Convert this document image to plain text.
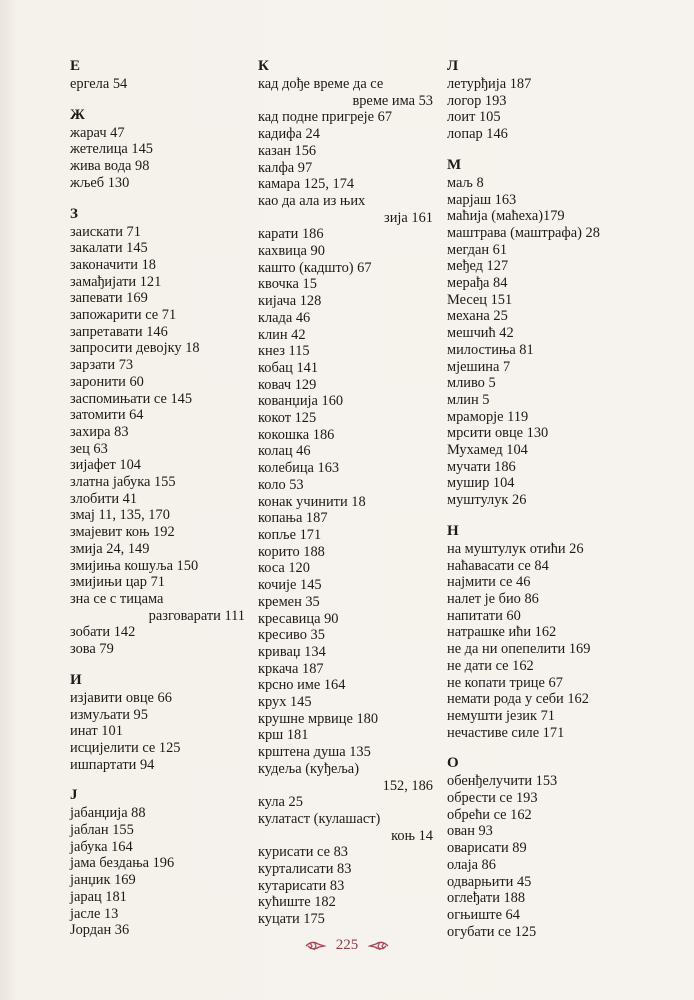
Е
ергела 54
Ж
жарач 47
жетелица 145
жива вода 98
жљеб 130
З
заискати 71
закалати 145
законачити 18
замађијати 121
запевати 169
запожарити се 71
запретавати 146
запросити девојку 18
зарзати 73
заронити 60
заспомињати се 145
затомити 64
захира 83
зец 63
зијафет 104
златна јабука 155
злобити 41
змај 11, 135, 170
змајевит коњ 192
змија 24, 149
змијиња кошуља 150
змијињи цар 71
зна се с тицама
разговарати 111
зобати 142
зова 79
И
изјавити овце 66
измуљати 95
инат 101
исцијелити се 125
ишпартати 94
Ј
јабанџија 88
јаблан 155
јабука 164
јама бездања 196
јанџик 169
јарац 181
јасле 13
Јордан 36
К
кад дође време да се
време има 53
кад подне пригреје 67
кадифа 24
казан 156
калфа 97
камара 125, 174
као да ала из њих
зија 161
карати 186
кахвица 90
кашто (кадшто) 67
квочка 15
кијача 128
клада 46
клин 42
кнез 115
кобац 141
ковач 129
кованџија 160
кокот 125
кокошка 186
колац 46
колебица 163
коло 53
конак учинити 18
копања 187
копље 171
корито 188
коса 120
кочије 145
кремен 35
кресавица 90
кресиво 35
криваџ 134
кркача 187
крсно име 164
крух 145
крушне мрвице 180
крш 181
крштена душа 135
кудеља (куђеља)
152, 186
кула 25
кулатаст (кулашаст)
коњ 14
курисати се 83
курталисати 83
кутарисати 83
кућиште 182
куцати 175
Л
летурђија 187
логор 193
лоит 105
лопар 146
М
маљ 8
марјаш 163
маћија (маћеха)179
маштрава (маштрафа) 28
мегдан 61
међед 127
мерађа 84
Месец 151
механа 25
мешчић 42
милостиња 81
мјешина 7
мливо 5
млин 5
мраморје 119
мрсити овце 130
Мухамед 104
мучати 186
мушир 104
муштулук 26
Н
на муштулук отићи 26
наћавасати се 84
најмити се 46
налет је био 86
напитати 60
натрашке ићи 162
не да ни опепелити 169
не дати се 162
не копати трице 67
немати рода у себи 162
немушти језик 71
нечастиве силе 171
О
обенђелучити 153
обрести се 193
обрећи се 162
ован 93
оварисати 89
олаја 86
одварњити 45
оглеђати 188
огњиште 64
огубати се 125
225
